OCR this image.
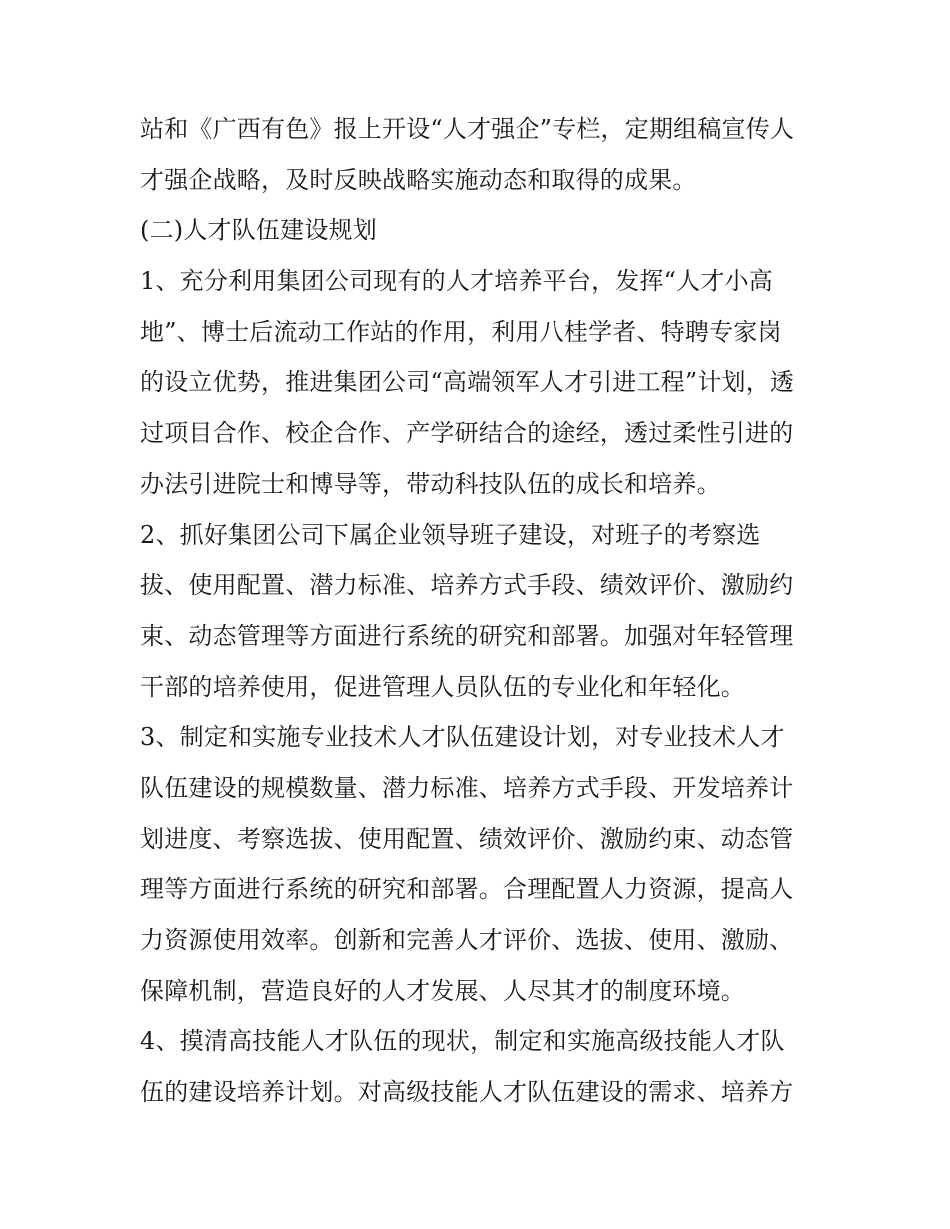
站和《广西有色》报上开设“人才强企”专栏，定期组稿宣传人
才强企战略，及时反映战略实施动态和取得的成果。
(二)人才队伍建设规划
1、充分利用集团公司现有的人才培养平台，发挥“人才小高
地”、博士后流动工作站的作用，利用八桂学者、特聘专家岗
的设立优势，推进集团公司“高端领军人才引进工程”计划，透
过项目合作、校企合作、产学研结合的途经，透过柔性引进的
办法引进院士和博导等，带动科技队伍的成长和培养。
2、抓好集团公司下属企业领导班子建设，对班子的考察选
拔、使用配置、潜力标准、培养方式手段、绩效评价、激励约
束、动态管理等方面进行系统的研究和部署。加强对年轻管理
干部的培养使用，促进管理人员队伍的专业化和年轻化。
3、制定和实施专业技术人才队伍建设计划，对专业技术人才
队伍建设的规模数量、潜力标准、培养方式手段、开发培养计
划进度、考察选拔、使用配置、绩效评价、激励约束、动态管
理等方面进行系统的研究和部署。合理配置人力资源，提高人
力资源使用效率。创新和完善人才评价、选拔、使用、激励、
保障机制，营造良好的人才发展、人尽其才的制度环境。
4、摸清高技能人才队伍的现状，制定和实施高级技能人才队
伍的建设培养计划。对高级技能人才队伍建设的需求、培养方
